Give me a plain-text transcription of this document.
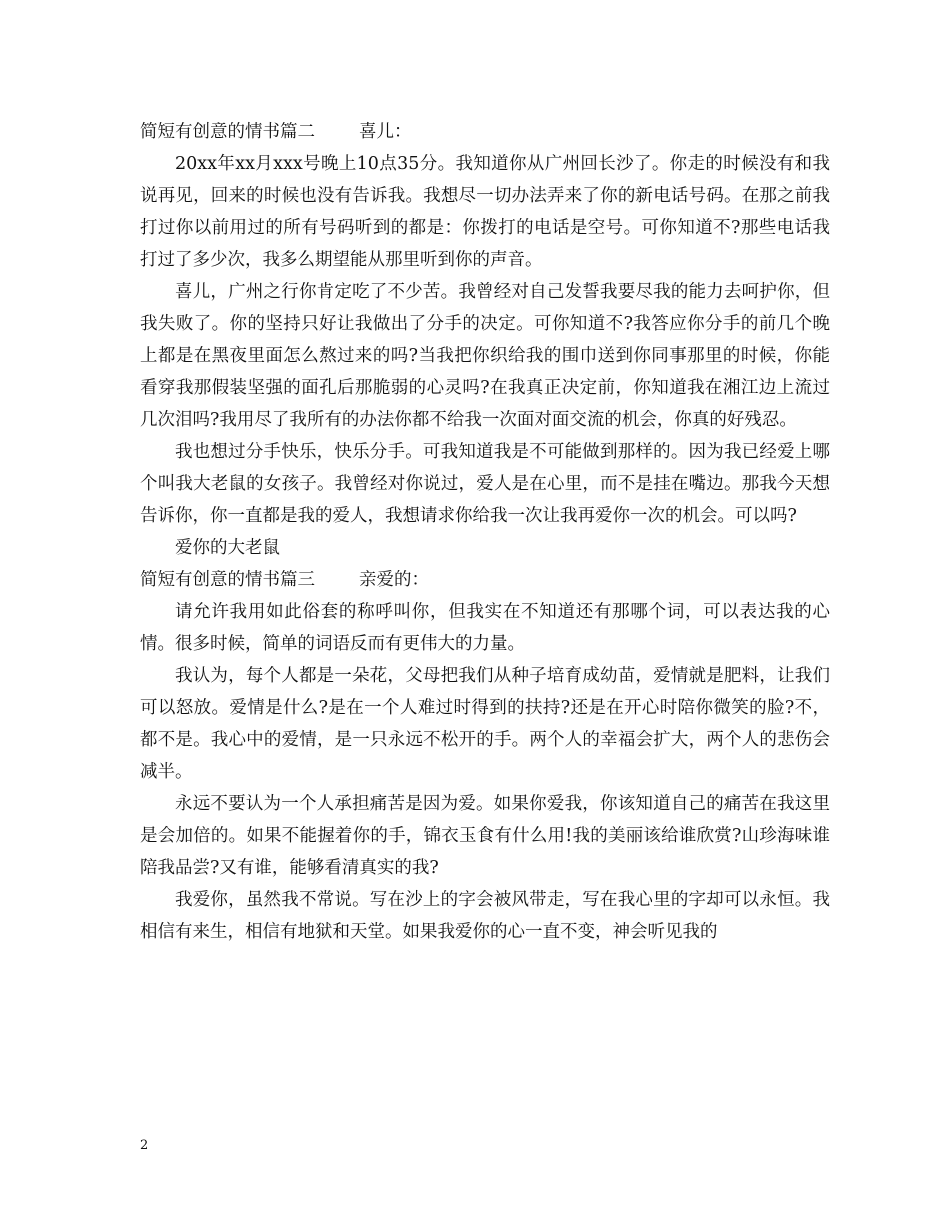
简短有创意的情书篇二	喜儿：

20xx年xx月xxx号晚上10点35分。我知道你从广州回长沙了。你走的时候没有和我说再见，回来的时候也没有告诉我。我想尽一切办法弄来了你的新电话号码。在那之前我打过你以前用过的所有号码听到的都是：你拨打的电话是空号。可你知道不?那些电话我打过了多少次，我多么期望能从那里听到你的声音。

喜儿，广州之行你肯定吃了不少苦。我曾经对自己发誓我要尽我的能力去呵护你，但我失败了。你的坚持只好让我做出了分手的决定。可你知道不?我答应你分手的前几个晚上都是在黑夜里面怎么熬过来的吗?当我把你织给我的围巾送到你同事那里的时候，你能看穿我那假装坚强的面孔后那脆弱的心灵吗?在我真正决定前，你知道我在湘江边上流过几次泪吗?我用尽了我所有的办法你都不给我一次面对面交流的机会，你真的好残忍。

我也想过分手快乐，快乐分手。可我知道我是不可能做到那样的。因为我已经爱上哪个叫我大老鼠的女孩子。我曾经对你说过，爱人是在心里，而不是挂在嘴边。那我今天想告诉你，你一直都是我的爱人，我想请求你给我一次让我再爱你一次的机会。可以吗?

爱你的大老鼠

简短有创意的情书篇三	亲爱的：

请允许我用如此俗套的称呼叫你，但我实在不知道还有那哪个词，可以表达我的心情。很多时候，简单的词语反而有更伟大的力量。

我认为，每个人都是一朵花，父母把我们从种子培育成幼苗，爱情就是肥料，让我们可以怒放。爱情是什么?是在一个人难过时得到的扶持?还是在开心时陪你微笑的脸?不，都不是。我心中的爱情，是一只永远不松开的手。两个人的幸福会扩大，两个人的悲伤会减半。

永远不要认为一个人承担痛苦是因为爱。如果你爱我，你该知道自己的痛苦在我这里是会加倍的。如果不能握着你的手，锦衣玉食有什么用!我的美丽该给谁欣赏?山珍海味谁陪我品尝?又有谁，能够看清真实的我?

我爱你，虽然我不常说。写在沙上的字会被风带走，写在我心里的字却可以永恒。我相信有来生，相信有地狱和天堂。如果我爱你的心一直不变，神会听见我的

2
